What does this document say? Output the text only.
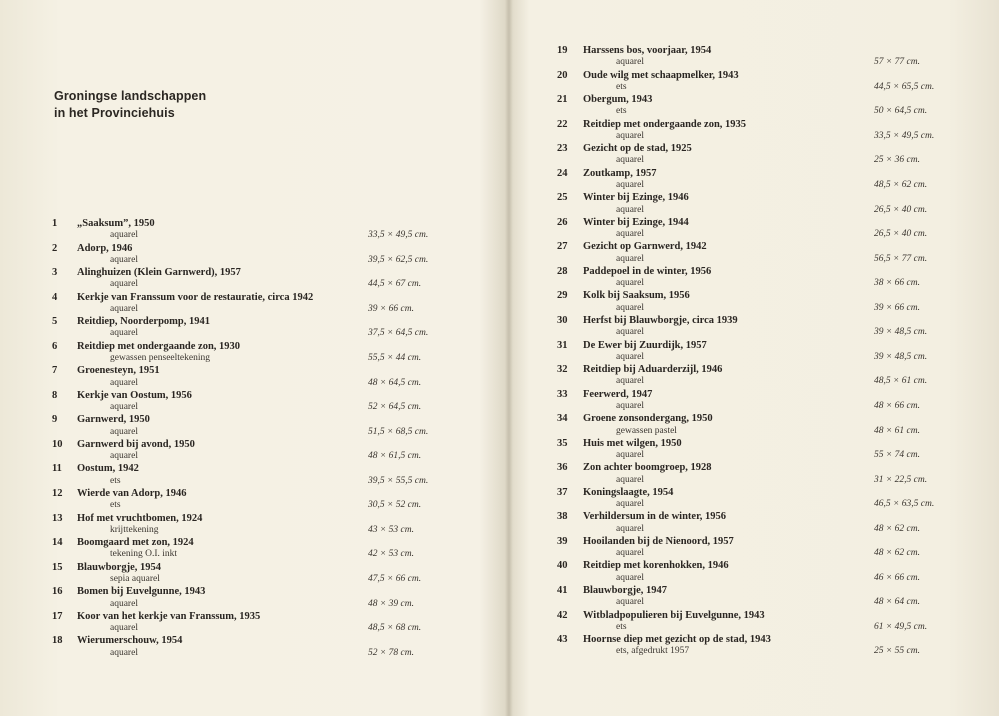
Groningse landschappen
in het Provinciehuis
1 „Saaksum”, 1950
aquarel	33,5 × 49,5 cm.
2 Adorp, 1946
aquarel	39,5 × 62,5 cm.
3 Alinghuizen (Klein Garnwerd), 1957
aquarel	44,5 × 67 cm.
4 Kerkje van Franssum voor de restauratie, circa 1942
aquarel	39 × 66 cm.
5 Reitdiep, Noorderpomp, 1941
aquarel	37,5 × 64,5 cm.
6 Reitdiep met ondergaande zon, 1930
gewassen penseeltekening	55,5 × 44 cm.
7 Groenesteyn, 1951
aquarel	48 × 64,5 cm.
8 Kerkje van Oostum, 1956
aquarel	52 × 64,5 cm.
9 Garnwerd, 1950
aquarel	51,5 × 68,5 cm.
10 Garnwerd bij avond, 1950
aquarel	48 × 61,5 cm.
11 Oostum, 1942
ets	39,5 × 55,5 cm.
12 Wierde van Adorp, 1946
ets	30,5 × 52 cm.
13 Hof met vruchtbomen, 1924
krijttekening	43 × 53 cm.
14 Boomgaard met zon, 1924
tekening O.I. inkt	42 × 53 cm.
15 Blauwborgje, 1954
sepia aquarel	47,5 × 66 cm.
16 Bomen bij Euvelgunne, 1943
aquarel	48 × 39 cm.
17 Koor van het kerkje van Franssum, 1935
aquarel	48,5 × 68 cm.
18 Wierumerschouw, 1954
aquarel	52 × 78 cm.
19 Harssens bos, voorjaar, 1954
aquarel	57 × 77 cm.
20 Oude wilg met schaapmelker, 1943
ets	44,5 × 65,5 cm.
21 Obergum, 1943
ets	50 × 64,5 cm.
22 Reitdiep met ondergaande zon, 1935
aquarel	33,5 × 49,5 cm.
23 Gezicht op de stad, 1925
aquarel	25 × 36 cm.
24 Zoutkamp, 1957
aquarel	48,5 × 62 cm.
25 Winter bij Ezinge, 1946
aquarel	26,5 × 40 cm.
26 Winter bij Ezinge, 1944
aquarel	26,5 × 40 cm.
27 Gezicht op Garnwerd, 1942
aquarel	56,5 × 77 cm.
28 Paddepoel in de winter, 1956
aquarel	38 × 66 cm.
29 Kolk bij Saaksum, 1956
aquarel	39 × 66 cm.
30 Herfst bij Blauwborgje, circa 1939
aquarel	39 × 48,5 cm.
31 De Ewer bij Zuurdijk, 1957
aquarel	39 × 48,5 cm.
32 Reitdiep bij Aduarderzijl, 1946
aquarel	48,5 × 61 cm.
33 Feerwerd, 1947
aquarel	48 × 66 cm.
34 Groene zonsondergang, 1950
gewassen pastel	48 × 61 cm.
35 Huis met wilgen, 1950
aquarel	55 × 74 cm.
36 Zon achter boomgroep, 1928
aquarel	31 × 22,5 cm.
37 Koningslaagte, 1954
aquarel	46,5 × 63,5 cm.
38 Verhildersum in de winter, 1956
aquarel	48 × 62 cm.
39 Hooilanden bij de Nienoord, 1957
aquarel	48 × 62 cm.
40 Reitdiep met korenhokken, 1946
aquarel	46 × 66 cm.
41 Blauwborgje, 1947
aquarel	48 × 64 cm.
42 Witbladpopulieren bij Euvelgunne, 1943
ets	61 × 49,5 cm.
43 Hoornse diep met gezicht op de stad, 1943
ets, afgedrukt 1957	25 × 55 cm.
